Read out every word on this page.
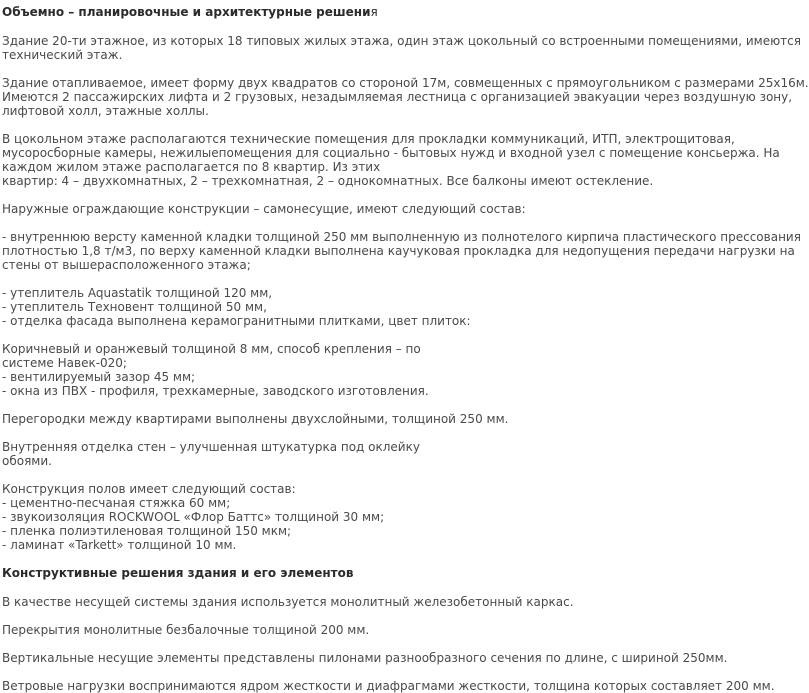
Объемно – планировочные и архитектурные решения
Здание 20-ти этажное, из которых 18 типовых жилых этажа, один этаж цокольный со встроенными помещениями, имеются
технический этаж.
Здание отапливаемое, имеет форму двух квадратов со стороной 17м, совмещенных с прямоугольником с размерами 25х16м.
Имеются 2 пассажирских лифта и 2 грузовых, незадымляемая лестница с организацией эвакуации через воздушную зону,
лифтовой холл, этажные холлы.
В цокольном этаже располагаются технические помещения для прокладки коммуникаций, ИТП, электрощитовая,
мусоросборные камеры, нежилыепомещения для социально - бытовых нужд и входной узел с помещение консьержа. На
каждом жилом этаже располагается по 8 квартир. Из этих
квартир: 4 – двухкомнатных, 2 – трехкомнатная, 2 – однокомнатных. Все балконы имеют остекление.
Наружные ограждающие конструкции – самонесущие, имеют следующий состав:
- внутреннюю версту каменной кладки толщиной 250 мм выполненную из полнотелого кирпича пластического прессования
плотностью 1,8 т/м3, по верху каменной кладки выполнена каучуковая прокладка для недопущения передачи нагрузки на
стены от вышерасположенного этажа;
- утеплитель Aquastatik толщиной 120 мм,
- утеплитель Техновент толщиной 50 мм,
- отделка фасада выполнена керамогранитными плитками, цвет плиток:
Коричневый и оранжевый толщиной 8 мм, способ крепления – по
системе Навек-020;
- вентилируемый зазор 45 мм;
- окна из ПВХ - профиля, трехкамерные, заводского изготовления.
Перегородки между квартирами выполнены двухслойными, толщиной 250 мм.
Внутренняя отделка стен – улучшенная штукатурка под оклейку
обоями.
Конструкция полов имеет следующий состав:
- цементно-песчаная стяжка 60 мм;
- звукоизоляция ROCKWOOL «Флор Баттс» толщиной 30 мм;
- пленка полиэтиленовая толщиной 150 мкм;
- ламинат «Tarkett» толщиной 10 мм.
Конструктивные решения здания и его элементов
В качестве несущей системы здания используется монолитный железобетонный каркас.
Перекрытия монолитные безбалочные толщиной 200 мм.
Вертикальные несущие элементы представлены пилонами разнообразного сечения по длине, с шириной 250мм.
Ветровые нагрузки воспринимаются ядром жесткости и диафрагмами жесткости, толщина которых составляет 200 мм.
